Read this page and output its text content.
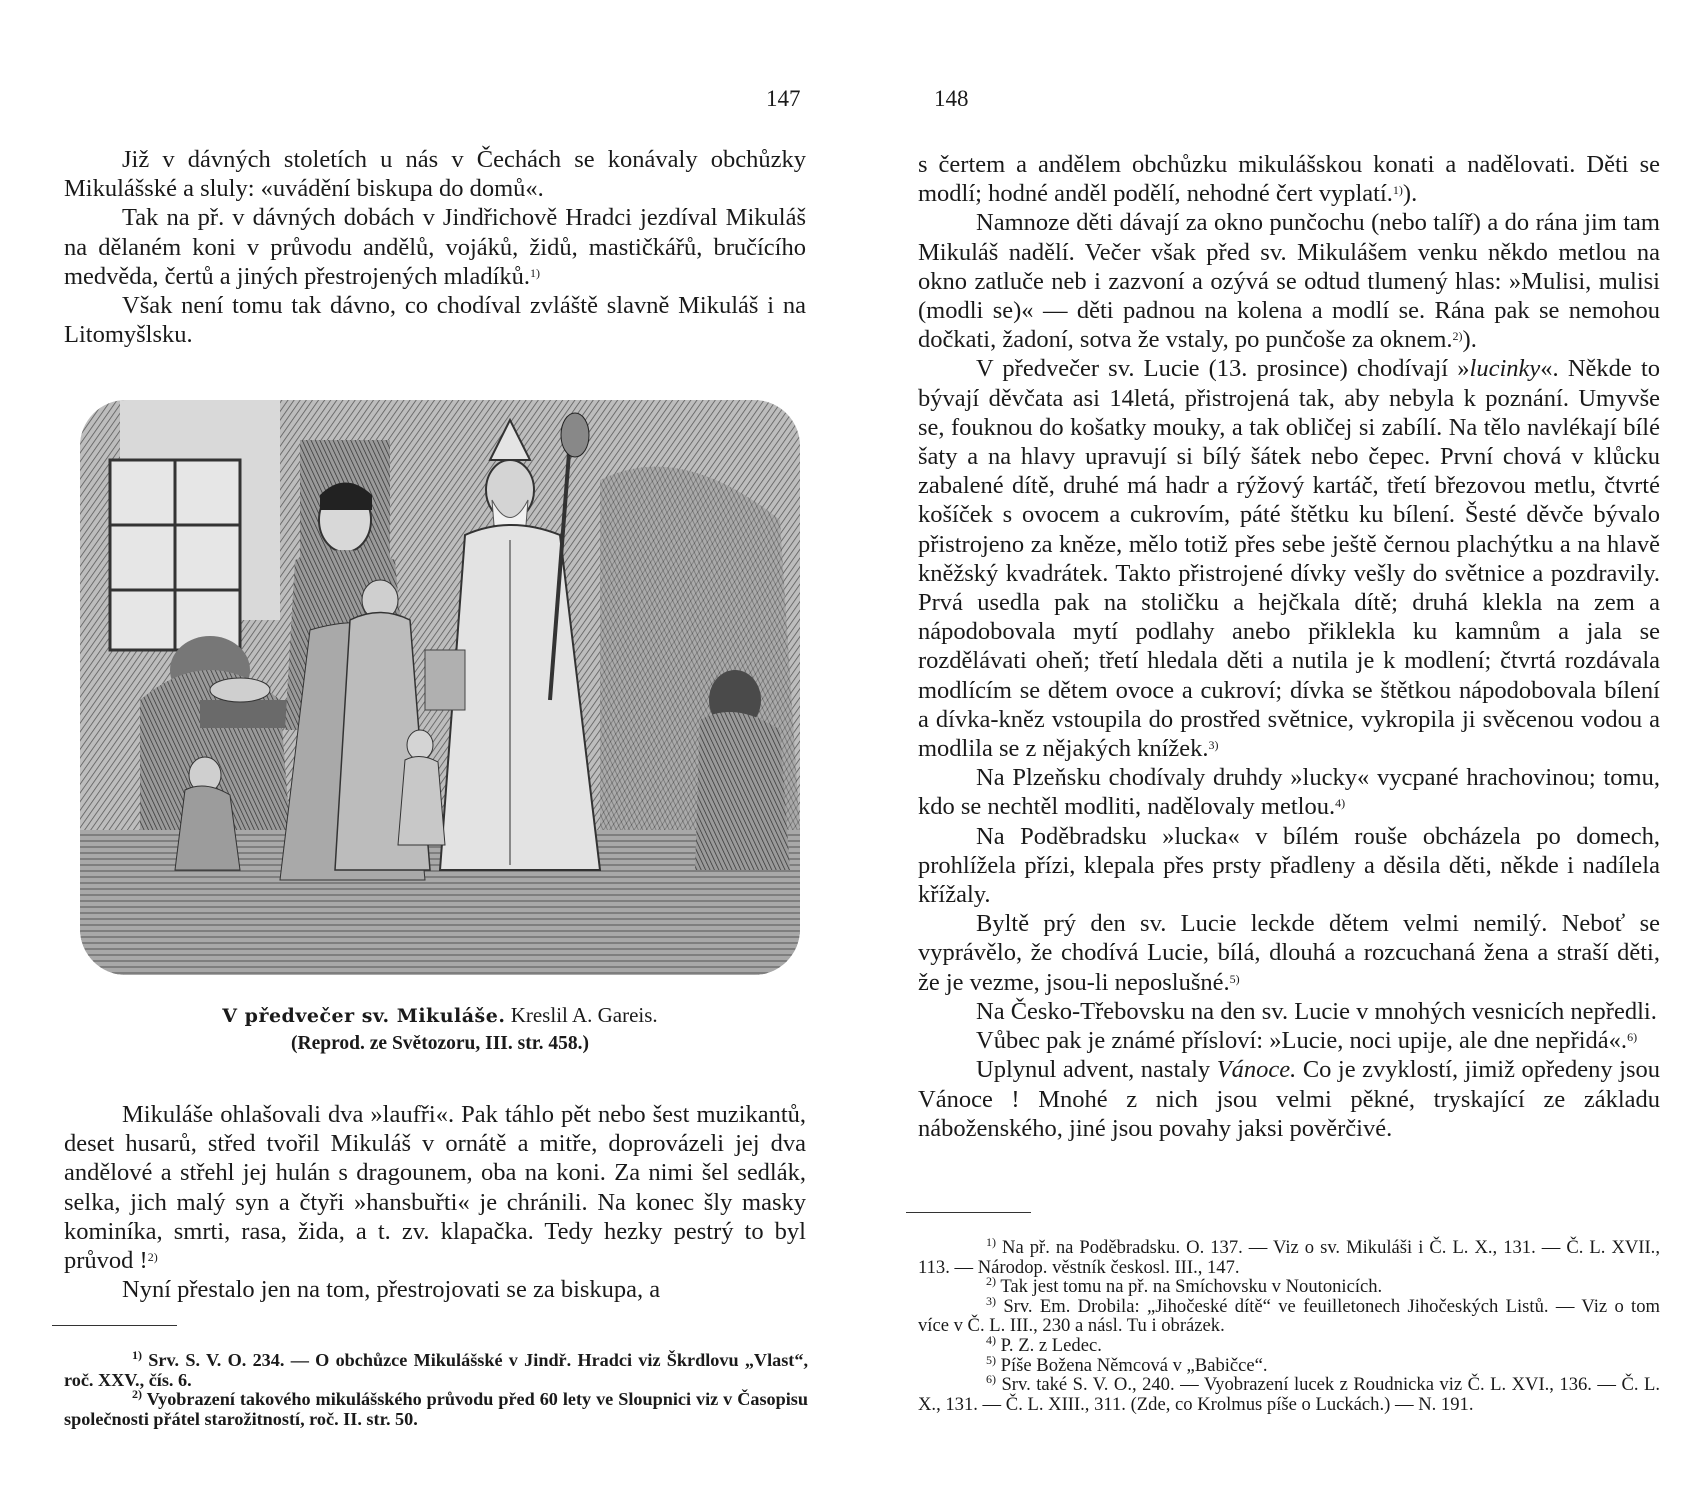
147

Již v dávných stoletích u nás v Čechách se konávaly obchůzky Mikulášské a sluly: «uvádění biskupa do domů«.

Tak na př. v dávných dobách v Jindřichově Hradci jezdíval Mikuláš na dělaném koni v průvodu andělů, vojáků, židů, mastičkářů, bručícího medvěda, čertů a jiných přestrojených mladíků.$^{1)}$

Však není tomu tak dávno, co chodíval zvláště slavně Mikuláš i na Litomyšlsku.

V předvečer sv. Mikuláše. Kreslil A. Gareis.
(Reprod. ze Světozoru, III. str. 458.)

Mikuláše ohlašovali dva »laufři«. Pak táhlo pět nebo šest muzikantů, deset husarů, střed tvořil Mikuláš v ornátě a mitře, doprovázeli jej dva andělové a střehl jej hulán s dragounem, oba na koni. Za nimi šel sedlák, selka, jich malý syn a čtyři »hansbuřti« je chránili. Na konec šly masky kominíka, smrti, rasa, žida, a t. zv. klapačka. Tedy hezky pestrý to byl průvod !$^{2)}$

Nyní přestalo jen na tom, přestrojovati se za biskupa, a

$^{1)}$ Srv. S. V. O. 234. — O obchůzce Mikulášské v Jindř. Hradci viz Škrdlovu „Vlast“, roč. XXV., čís. 6.

$^{2)}$ Vyobrazení takového mikulášského průvodu před 60 lety ve Sloupnici viz v Časopisu společnosti přátel starožitností, roč. II. str. 50.

148

s čertem a andělem obchůzku mikulášskou konati a nadělovati. Děti se modlí; hodné anděl podělí, nehodné čert vyplatí.$^{1)}$).

Namnoze děti dávají za okno punčochu (nebo talíř) a do rána jim tam Mikuláš nadělí. Večer však před sv. Mikulášem venku někdo metlou na okno zatluče neb i zazvoní a ozývá se odtud tlumený hlas: »Mulisi, mulisi (modli se)« — děti padnou na kolena a modlí se. Rána pak se nemohou dočkati, žadoní, sotva že vstaly, po punčoše za oknem.$^{2)}$).

V předvečer sv. Lucie (13. prosince) chodívají »lucinky«. Někde to bývají děvčata asi 14letá, přistrojená tak, aby nebyla k poznání. Umyvše se, fouknou do košatky mouky, a tak obličej si zabílí. Na tělo navlékají bílé šaty a na hlavy upravují si bílý šátek nebo čepec. První chová v klůcku zabalené dítě, druhé má hadr a rýžový kartáč, třetí březovou metlu, čtvrté košíček s ovocem a cukrovím, páté štětku ku bílení. Šesté děvče bývalo přistrojeno za kněze, mělo totiž přes sebe ještě černou plachýtku a na hlavě kněžský kvadrátek. Takto přistrojené dívky vešly do světnice a pozdravily. Prvá usedla pak na stoličku a hejčkala dítě; druhá klekla na zem a nápodobovala mytí podlahy anebo přiklekla ku kamnům a jala se rozdělávati oheň; třetí hledala děti a nutila je k modlení; čtvrtá rozdávala modlícím se dětem ovoce a cukroví; dívka se štětkou nápodobovala bílení a dívka-kněz vstoupila do prostřed světnice, vykropila ji svěcenou vodou a modlila se z nějakých knížek.$^{3)}$

Na Plzeňsku chodívaly druhdy »lucky« vycpané hrachovinou; tomu, kdo se nechtěl modliti, nadělovaly metlou.$^{4)}$

Na Poděbradsku »lucka« v bílém rouše obcházela po domech, prohlížela přízi, klepala přes prsty přadleny a děsila děti, někde i nadílela křížaly.

Byltě prý den sv. Lucie leckde dětem velmi nemilý. Neboť se vyprávělo, že chodívá Lucie, bílá, dlouhá a rozcuchaná žena a straší děti, že je vezme, jsou-li neposlušné.$^{5)}$

Na Česko-Třebovsku na den sv. Lucie v mnohých vesnicích nepředli.

Vůbec pak je známé přísloví: »Lucie, noci upije, ale dne nepřidá«.$^{6)}$

Uplynul advent, nastaly Vánoce. Co je zvyklostí, jimiž opředeny jsou Vánoce ! Mnohé z nich jsou velmi pěkné, tryskající ze základu náboženského, jiné jsou povahy jaksi pověrčivé.

$^{1)}$ Na př. na Poděbradsku. O. 137. — Viz o sv. Mikuláši i Č. L. X., 131. — Č. L. XVII., 113. — Národop. věstník českosl. III., 147.

$^{2)}$ Tak jest tomu na př. na Smíchovsku v Noutonicích.

$^{3)}$ Srv. Em. Drobila: „Jihočeské dítě“ ve feuilletonech Jihočeských Listů. — Viz o tom více v Č. L. III., 230 a násl. Tu i obrázek.

$^{4)}$ P. Z. z Ledec.

$^{5)}$ Píše Božena Němcová v „Babičce“.

$^{6)}$ Srv. také S. V. O., 240. — Vyobrazení lucek z Roudnicka viz Č. L. XVI., 136. — Č. L. X., 131. — Č. L. XIII., 311. (Zde, co Krolmus píše o Luckách.) — N. 191.
